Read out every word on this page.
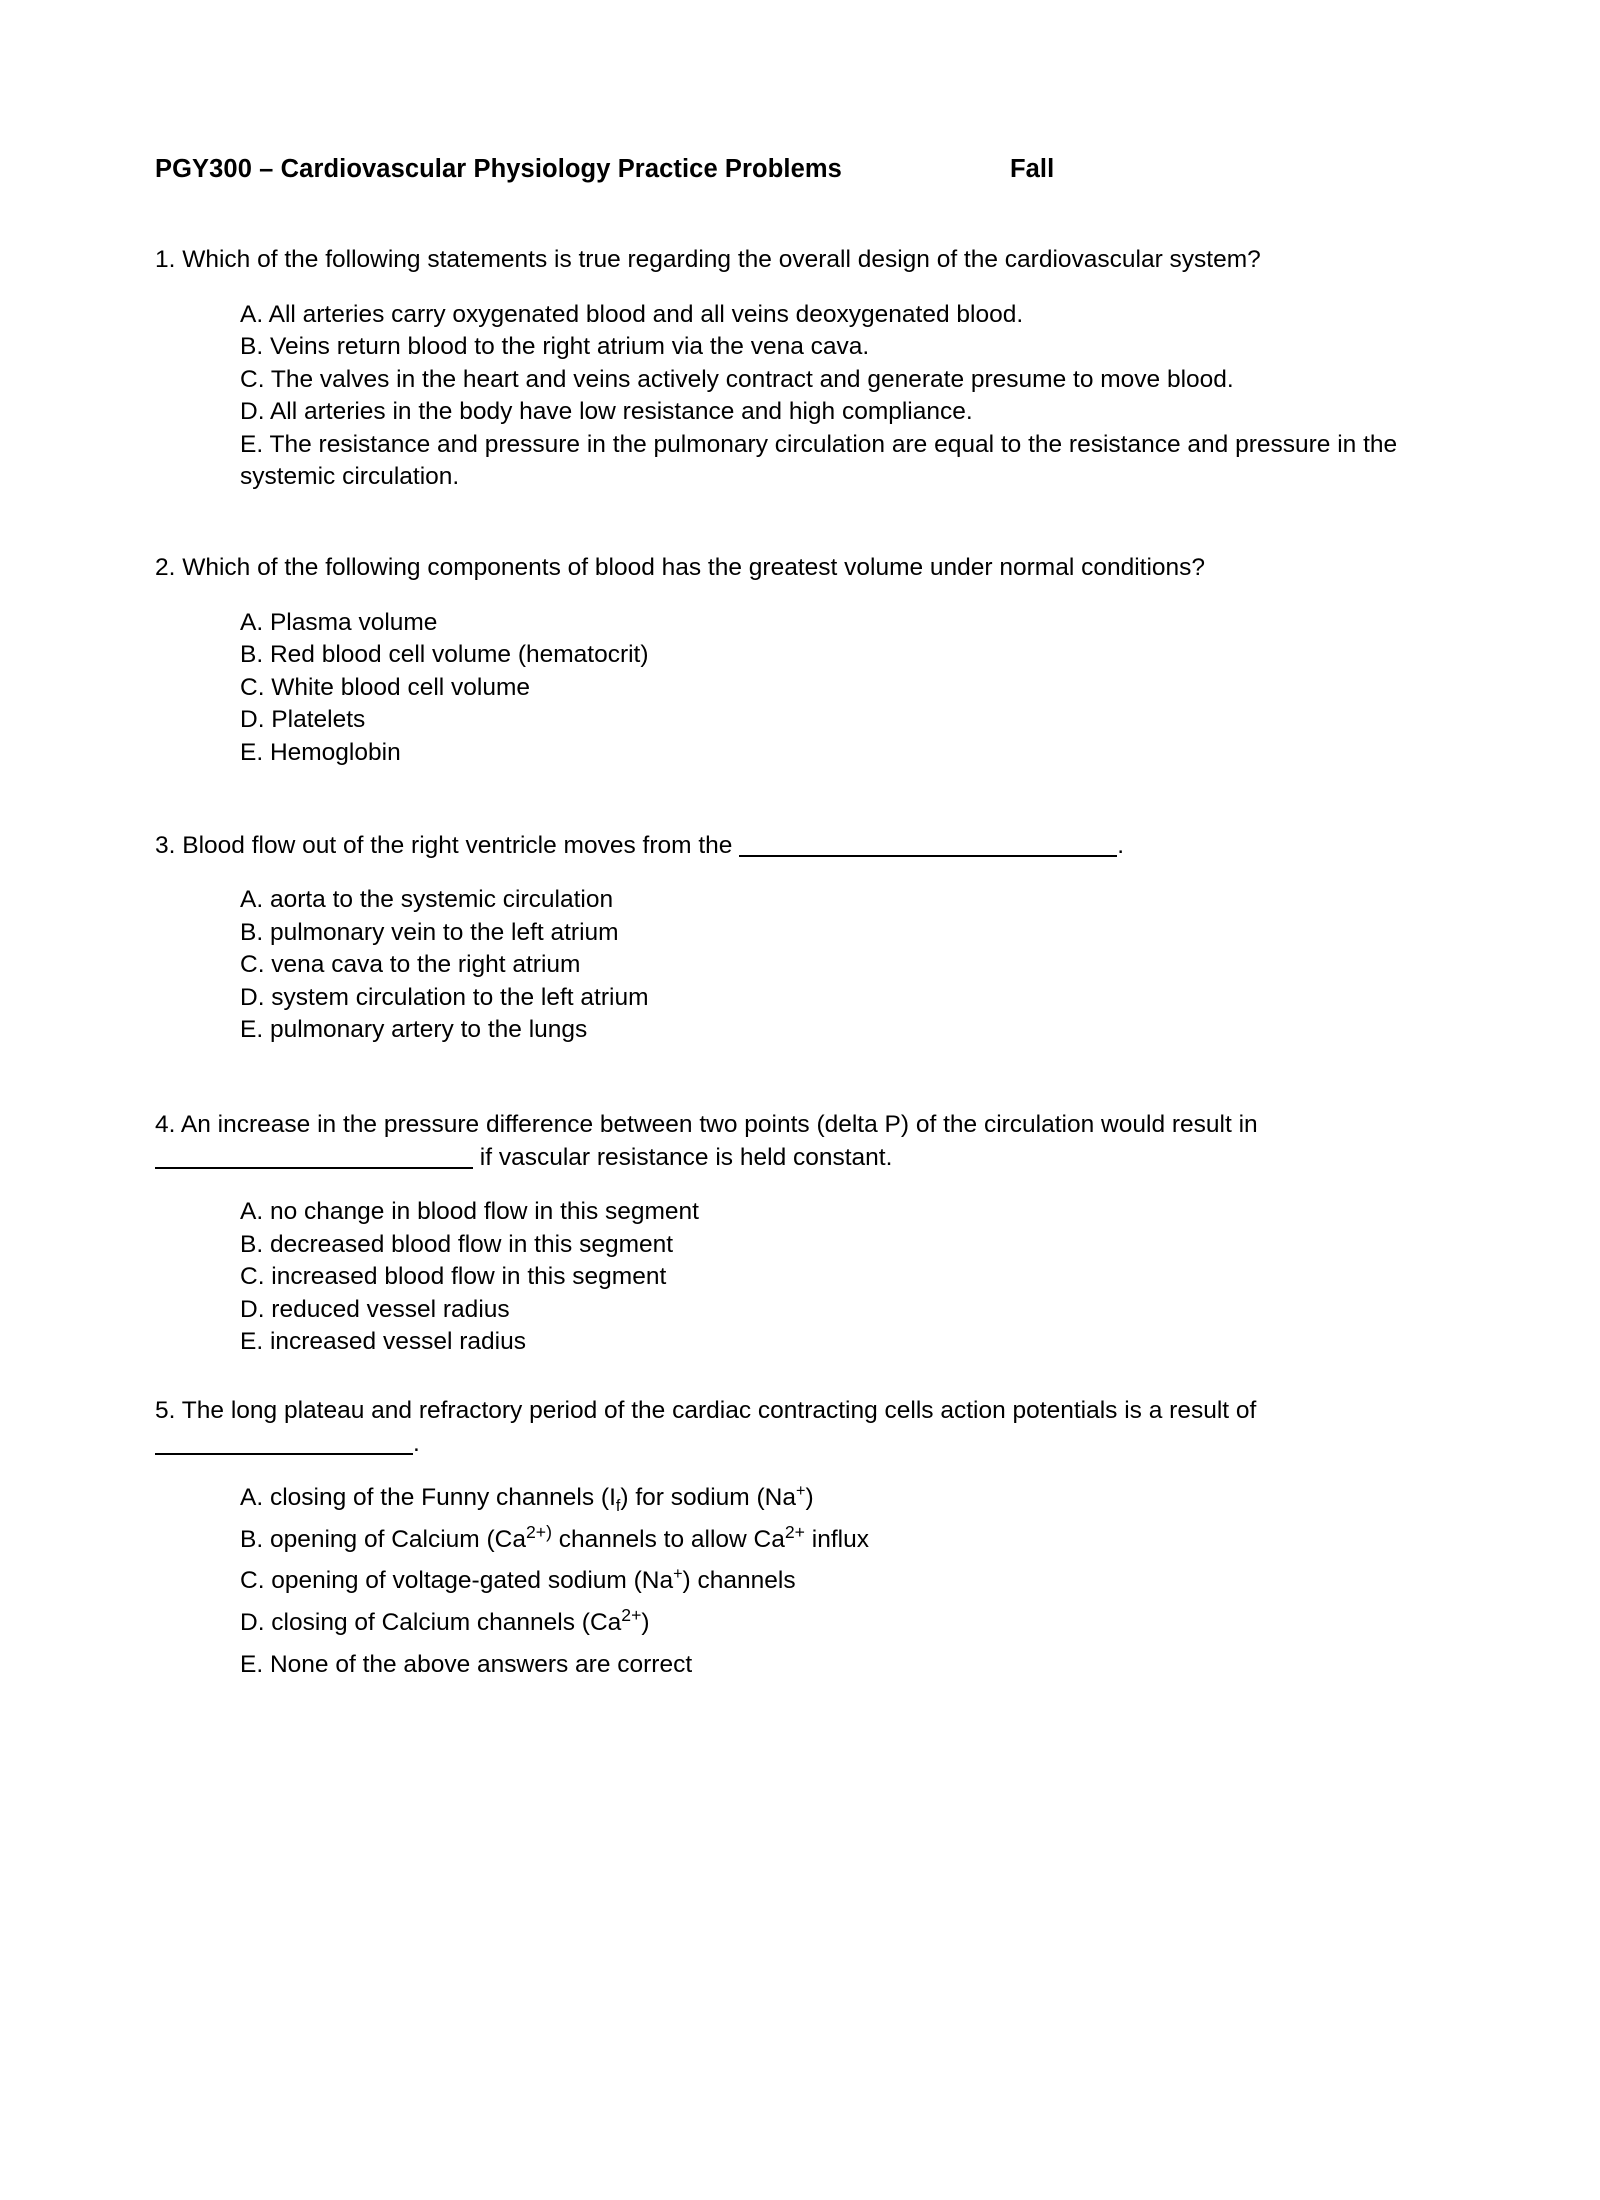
PGY300 – Cardiovascular Physiology Practice Problems	Fall

1. Which of the following statements is true regarding the overall design of the cardiovascular system?

A. All arteries carry oxygenated blood and all veins deoxygenated blood.
B. Veins return blood to the right atrium via the vena cava.
C. The valves in the heart and veins actively contract and generate presume to move blood.
D. All arteries in the body have low resistance and high compliance.
E. The resistance and pressure in the pulmonary circulation are equal to the resistance and pressure in the systemic circulation.

2. Which of the following components of blood has the greatest volume under normal conditions?

A. Plasma volume
B. Red blood cell volume (hematocrit)
C. White blood cell volume
D. Platelets
E. Hemoglobin

3. Blood flow out of the right ventricle moves from the	.

A. aorta to the systemic circulation
B. pulmonary vein to the left atrium
C. vena cava to the right atrium
D. system circulation to the left atrium
E. pulmonary artery to the lungs

4. An increase in the pressure difference between two points (delta P) of the circulation would result in  if vascular resistance is held constant.

A. no change in blood flow in this segment
B. decreased blood flow in this segment
C. increased blood flow in this segment
D. reduced vessel radius
E. increased vessel radius

5. The long plateau and refractory period of the cardiac contracting cells action potentials is a result of.

A. closing of the Funny channels $(I_f)$ for sodium (Na+)
B. opening of Calcium ($Ca^{2+)}$ channels to allow $Ca^{2+}$ influx
C. opening of voltage-gated sodium (Na+) channels
D. closing of Calcium channels $(Ca^{2+})$
E. None of the above answers are correct
